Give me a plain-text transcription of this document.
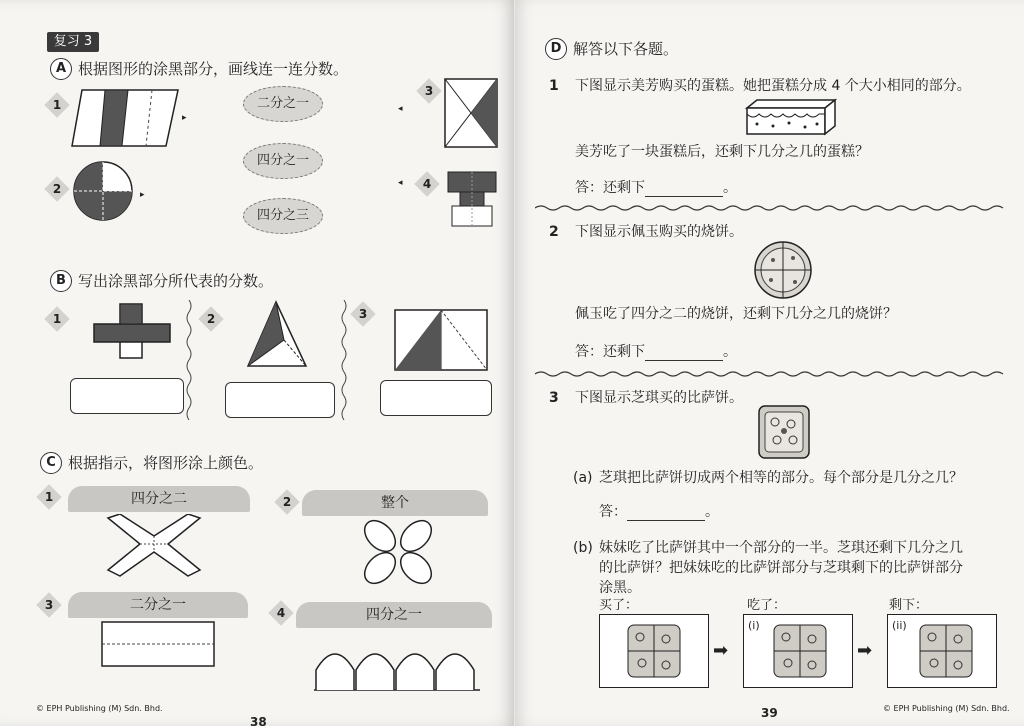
复习 3
A 根据图形的涂黑部分，画线连一连分数。
1
▸
2	▸
二分之一
四分之一
四分之三
3
◂
4
◂
B 写出涂黑部分所代表的分数。
1	2	3
C 根据指示，将图形涂上颜色。
1	四分之二	2	整个
3	二分之一	4	四分之一
© EPH Publishing (M) Sdn. Bhd.
38
D 解答以下各题。
1 下图显示美芳购买的蛋糕。她把蛋糕分成 4 个大小相同的部分。
美芳吃了一块蛋糕后，还剩下几分之几的蛋糕？
答：还剩下	。
2 下图显示佩玉购买的烧饼。
佩玉吃了四分之二的烧饼，还剩下几分之几的烧饼？
答：还剩下	。
3 下图显示芝琪买的比萨饼。
(a) 芝琪把比萨饼切成两个相等的部分。每个部分是几分之几？
答：	。
(b) 妹妹吃了比萨饼其中一个部分的一半。芝琪还剩下几分之几
的比萨饼？把妹妹吃的比萨饼部分与芝琪剩下的比萨饼部分
涂黑。
买了：
➡
吃了：
(i)
➡
剩下：
(ii)
39	© EPH Publishing (M) Sdn. Bhd.
